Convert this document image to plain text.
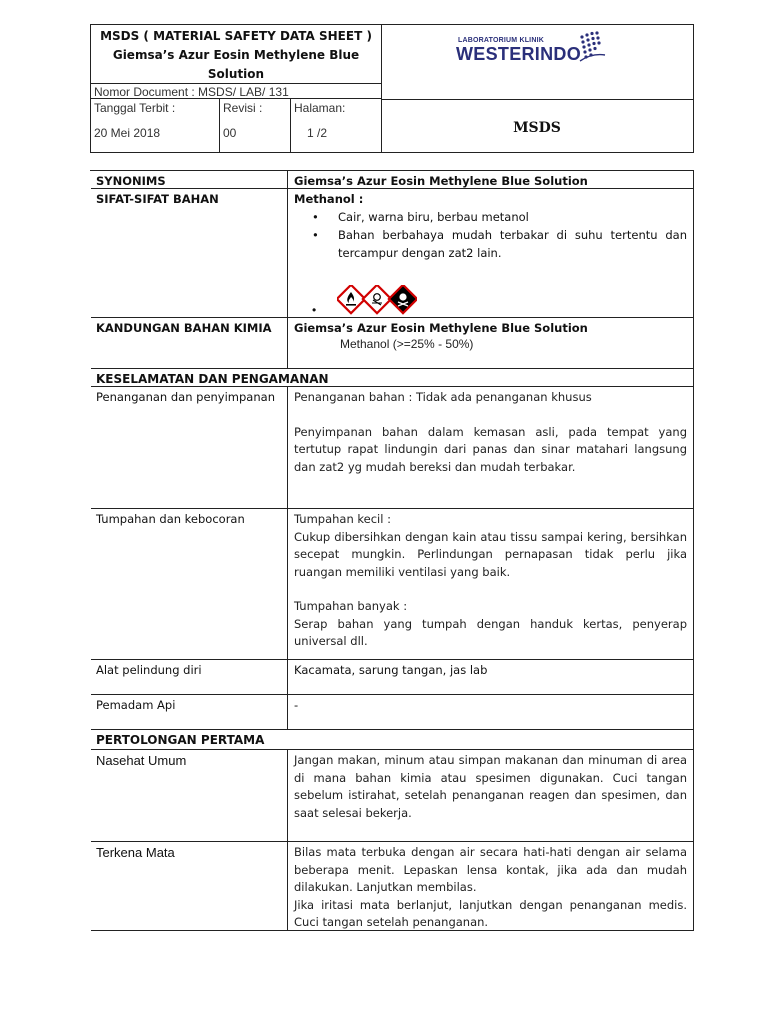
MSDS ( MATERIAL SAFETY DATA SHEET )
Giemsa’s Azur Eosin Methylene Blue
Solution
Nomor Document : MSDS/ LAB/ 131
Tanggal Terbit :
20 Mei 2018
Revisi :
00
Halaman:
1 /2
LABORATORIUM KLINIK
WESTERINDO
MSDS
SYNONIMS	Giemsa’s Azur Eosin Methylene Blue Solution
SIFAT-SIFAT BAHAN	Methanol :
• Cair, warna biru, berbau metanol
• Bahan berbahaya mudah terbakar di suhu tertentu dan tercampur dengan zat2 lain.
•
KANDUNGAN BAHAN KIMIA	Giemsa’s Azur Eosin Methylene Blue Solution
Methanol (>=25% - 50%)
KESELAMATAN DAN PENGAMANAN
Penanganan dan penyimpanan	Penanganan bahan : Tidak ada penanganan khusus

Penyimpanan bahan dalam kemasan asli, pada tempat yang tertutup rapat lindungin dari panas dan sinar matahari langsung dan zat2 yg mudah bereksi dan mudah terbakar.

Tumpahan dan kebocoran	Tumpahan kecil :
Cukup dibersihkan dengan kain atau tissu sampai kering, bersihkan secepat mungkin. Perlindungan pernapasan tidak perlu jika ruangan memiliki ventilasi yang baik.

Tumpahan banyak :

Serap bahan yang tumpah dengan handuk kertas, penyerap universal dll.
Alat pelindung diri	Kacamata, sarung tangan, jas lab
Pemadam Api	-
PERTOLONGAN PERTAMA
Nasehat Umum	Jangan makan, minum atau simpan makanan dan minuman di area di mana bahan kimia atau spesimen digunakan. Cuci tangan sebelum istirahat, setelah penanganan reagen dan spesimen, dan saat selesai bekerja.
Terkena Mata	Bilas mata terbuka dengan air secara hati-hati dengan air selama beberapa menit. Lepaskan lensa kontak, jika ada dan mudah dilakukan. Lanjutkan membilas.
Jika iritasi mata berlanjut, lanjutkan dengan penanganan medis. Cuci tangan setelah penanganan.
